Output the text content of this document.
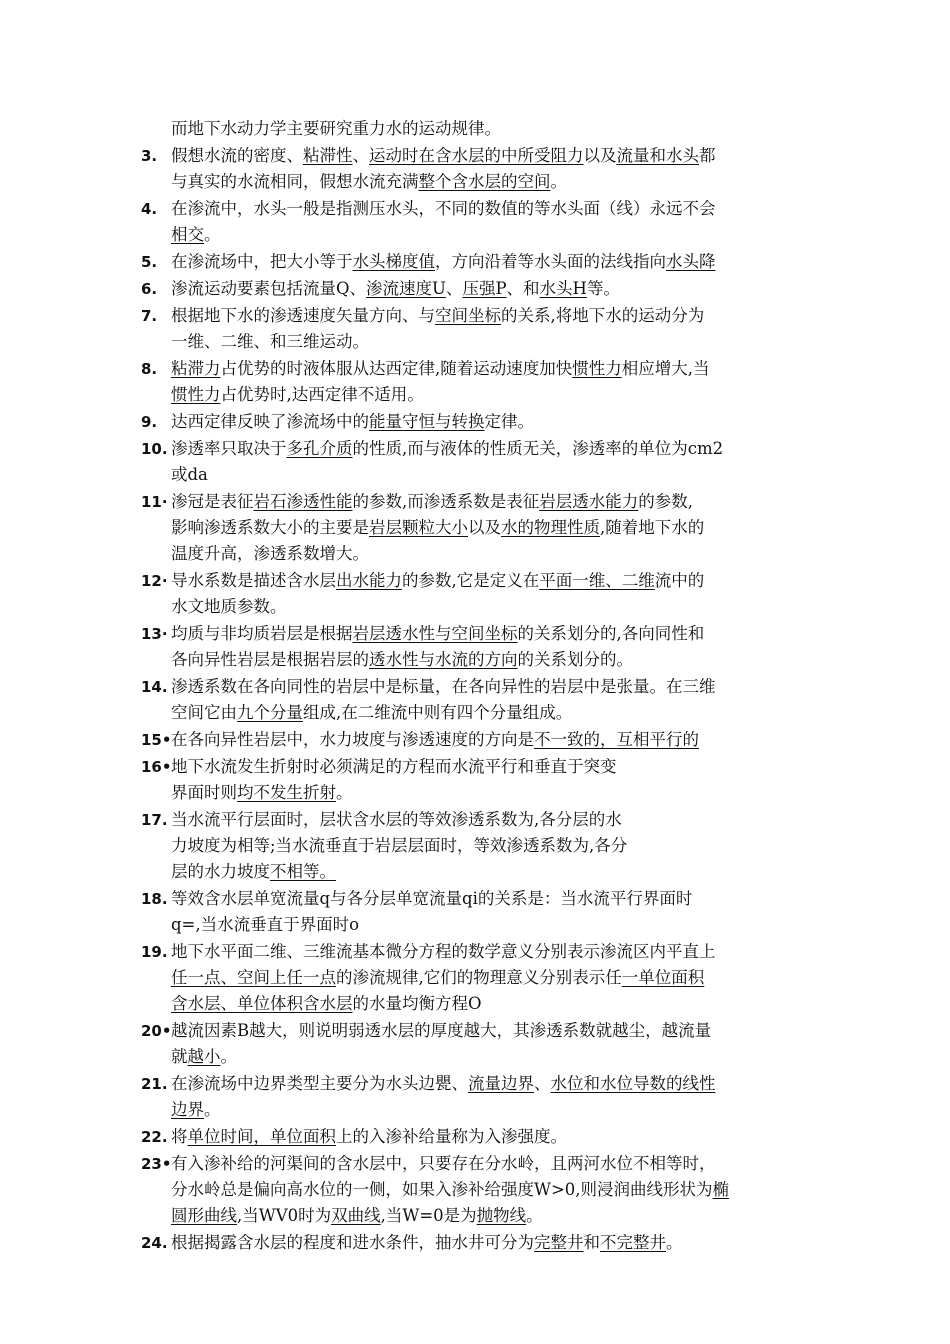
而地下水动力学主要研究重力水的运动规律。
3. 假想水流的密度、粘滞性、运动时在含水层的中所受阻力以及流量和水头都
与真实的水流相同，假想水流充满整个含水层的空间。
4. 在渗流中，水头一般是指测压水头，不同的数值的等水头面（线）永远不会
相交。
5. 在渗流场中，把大小等于水头梯度值，方向沿着等水头面的法线指向水头降
6. 渗流运动要素包括流量Q、渗流速度U、压强P、和水头H等。
7. 根据地下水的渗透速度矢量方向、与空间坐标的关系,将地下水的运动分为
一维、二维、和三维运动。
8. 粘滞力占优势的时液体服从达西定律,随着运动速度加快惯性力相应增大,当
惯性力占优势时,达西定律不适用。
9. 达西定律反映了渗流场中的能量守恒与转换定律。
10. 渗透率只取决于多孔介质的性质,而与液体的性质无关，渗透率的单位为cm2
或da
11· 渗冠是表征岩石渗透性能的参数,而渗透系数是表征岩层透水能力的参数,
影响渗透系数大小的主要是岩层颗粒大小以及水的物理性质,随着地下水的
温度升高，渗透系数增大。
12· 导水系数是描述含水层出水能力的参数,它是定义在平面一维、二维流中的
水文地质参数。
13· 均质与非均质岩层是根据岩层透水性与空间坐标的关系划分的,各向同性和
各向异性岩层是根据岩层的透水性与水流的方向的关系划分的。
14. 渗透系数在各向同性的岩层中是标量，在各向异性的岩层中是张量。在三维
空间它由九个分量组成,在二维流中则有四个分量组成。
15• 在各向异性岩层中，水力坡度与渗透速度的方向是不一致的，互相平行的
16• 地下水流发生折射时必须满足的方程而水流平行和垂直于突变
界面时则均不发生折射。
17. 当水流平行层面时，层状含水层的等效渗透系数为,各分层的水
力坡度为相等;当水流垂直于岩层层面时，等效渗透系数为,各分
层的水力坡度不相等。
18. 等效含水层单宽流量q与各分层单宽流量qi的关系是：当水流平行界面时
q=,当水流垂直于界面时o
19. 地下水平面二维、三维流基本微分方程的数学意义分别表示渗流区内平直上
任一点、空间上任一点的渗流规律,它们的物理意义分别表示任一单位面积
含水层、单位体积含水层的水量均衡方程O
20• 越流因素B越大，则说明弱透水层的厚度越大，其渗透系数就越尘，越流量
就越小。
21. 在渗流场中边界类型主要分为水头边甖、流量边界、水位和水位导数的线性
边界。
22. 将单位时间，单位面积上的入渗补给量称为入渗强度。
23• 有入渗补给的河渠间的含水层中，只要存在分水岭，且两河水位不相等时，
分水岭总是偏向高水位的一侧，如果入渗补给强度W>0,则浸润曲线形状为椭
圆形曲线,当WV0时为双曲线,当W=0是为抛物线。
24. 根据揭露含水层的程度和进水条件，抽水井可分为完整井和不完整井。
